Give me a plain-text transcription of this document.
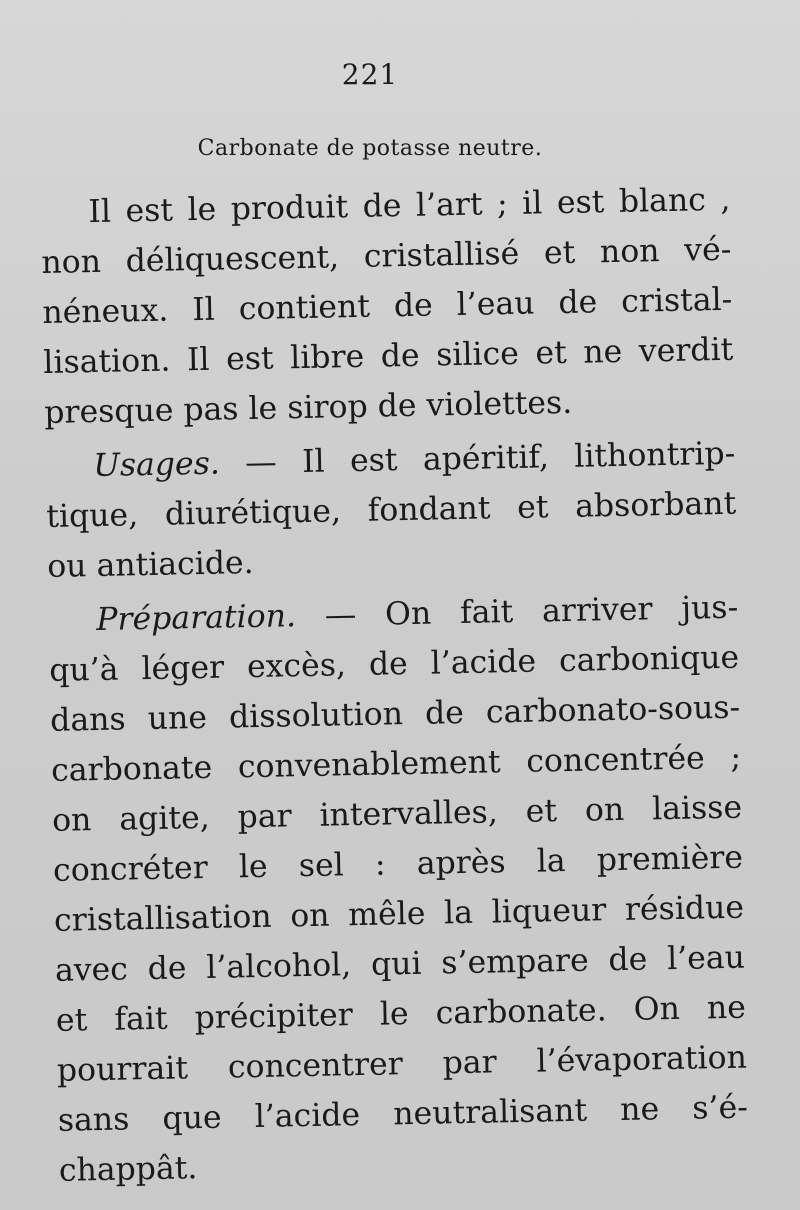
221
Carbonate de potasse neutre.
Il est le produit de l’art ; il est blanc ,
non déliquescent, cristallisé et non vé-
néneux. Il contient de l’eau de cristal-
lisation. Il est libre de silice et ne verdit
presque pas le sirop de violettes.
Usages. — Il est apéritif, lithontrip-
tique, diurétique, fondant et absorbant
ou antiacide.
Préparation. — On fait arriver jus-
qu’à léger excès, de l’acide carbonique
dans une dissolution de carbonato-sous-
carbonate convenablement concentrée ;
on agite, par intervalles, et on laisse
concréter le sel : après la première
cristallisation on mêle la liqueur résidue
avec de l’alcohol, qui s’empare de l’eau
et fait précipiter le carbonate. On ne
pourrait concentrer par l’évaporation
sans que l’acide neutralisant ne s’é-
chappât.
